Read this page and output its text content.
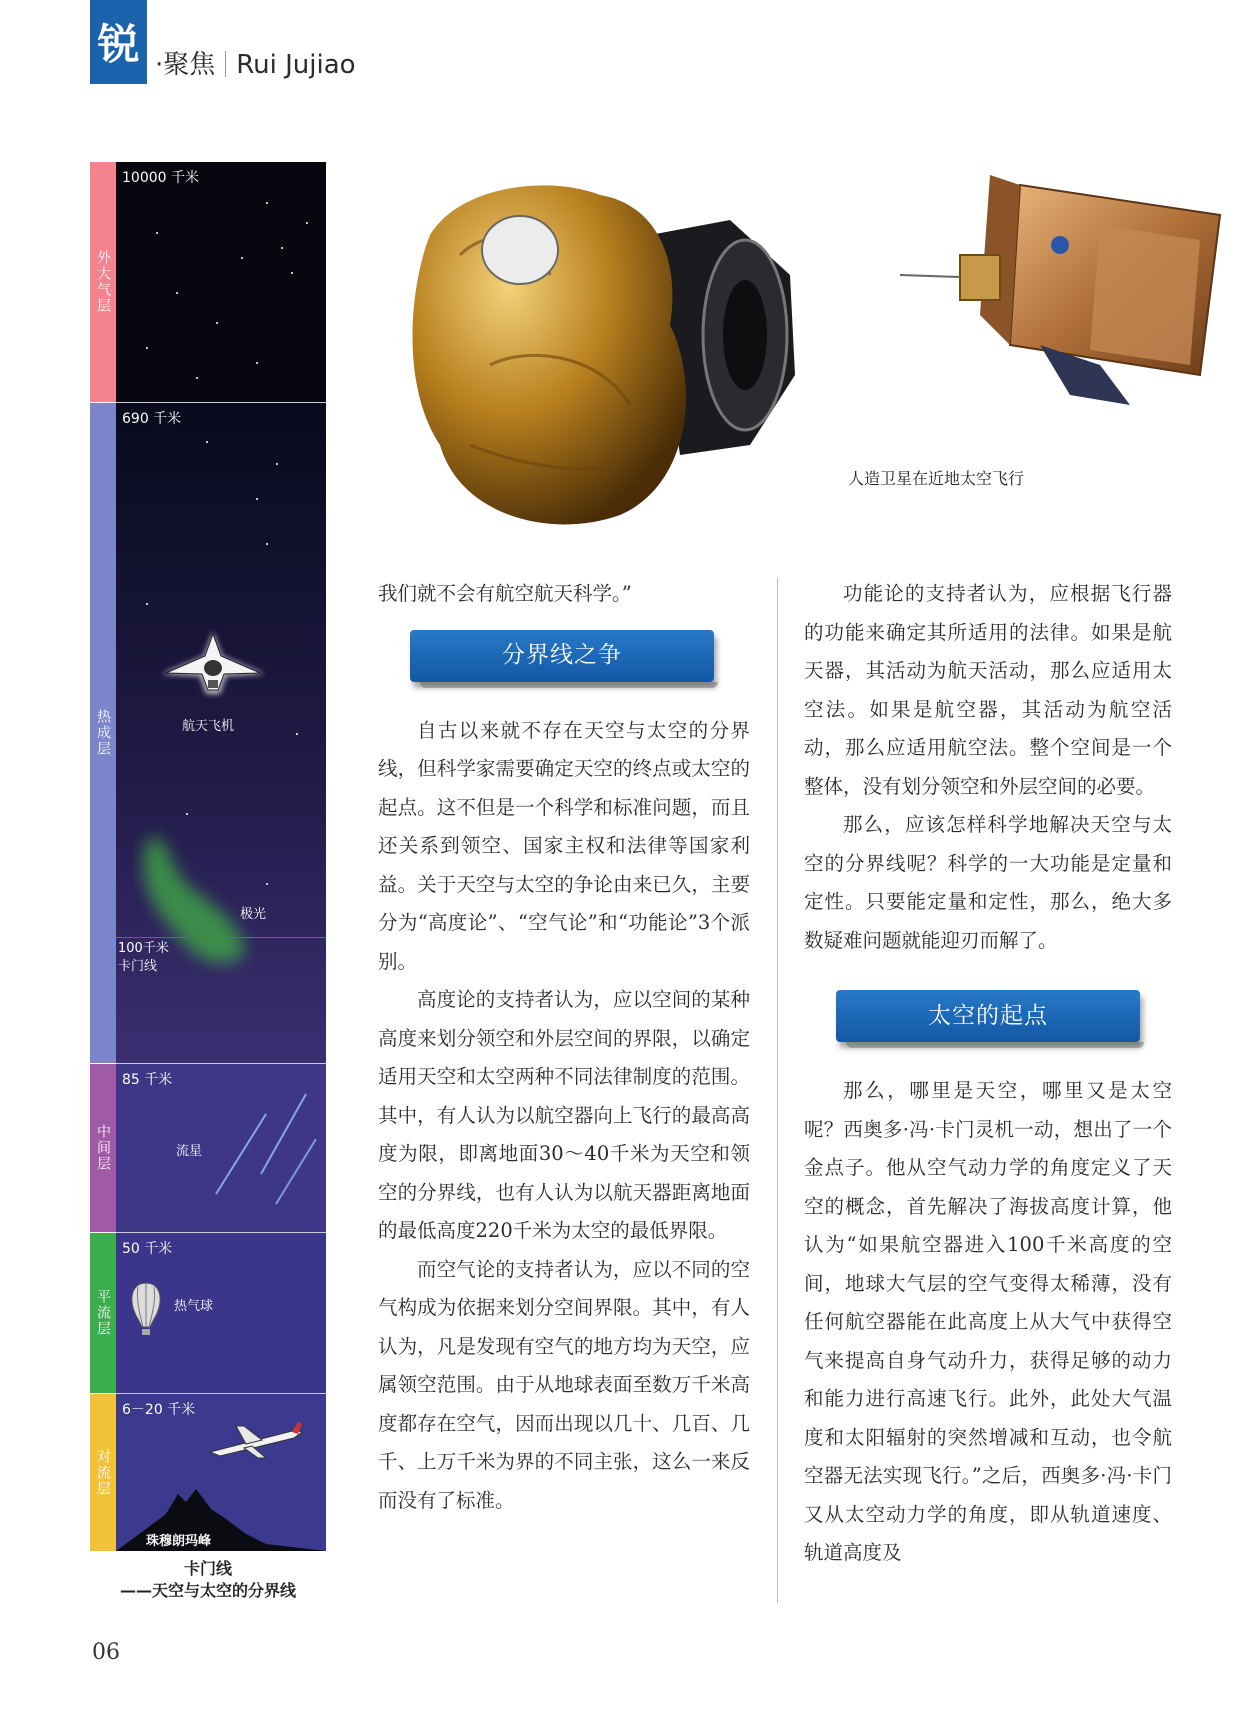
锐 ·聚焦 Rui Jujiao
外大气层
10000 千米
热成层	航天飞机
极光
100千米
卡门线
690 千米
中间层	流星
85 千米
平流层	热气球
50 千米
对流层
珠穆朗玛峰
6－20 千米
卡门线
——天空与太空的分界线
人造卫星在近地太空飞行

我们就不会有航空航天科学。”

分界线之争

自古以来就不存在天空与太空的分界线，但科学家需要确定天空的终点或太空的起点。这不但是一个科学和标准问题，而且还关系到领空、国家主权和法律等国家利益。关于天空与太空的争论由来已久，主要分为“高度论”、“空气论”和“功能论”3个派别。

高度论的支持者认为，应以空间的某种高度来划分领空和外层空间的界限，以确定适用天空和太空两种不同法律制度的范围。其中，有人认为以航空器向上飞行的最高高度为限，即离地面30～40千米为天空和领空的分界线，也有人认为以航天器距离地面的最低高度220千米为太空的最低界限。

而空气论的支持者认为，应以不同的空气构成为依据来划分空间界限。其中，有人认为，凡是发现有空气的地方均为天空，应属领空范围。由于从地球表面至数万千米高度都存在空气，因而出现以几十、几百、几千、上万千米为界的不同主张，这么一来反而没有了标准。

功能论的支持者认为，应根据飞行器的功能来确定其所适用的法律。如果是航天器，其活动为航天活动，那么应适用太空法。如果是航空器，其活动为航空活动，那么应适用航空法。整个空间是一个整体，没有划分领空和外层空间的必要。

那么，应该怎样科学地解决天空与太空的分界线呢？科学的一大功能是定量和定性。只要能定量和定性，那么，绝大多数疑难问题就能迎刃而解了。

太空的起点

那么，哪里是天空，哪里又是太空呢？西奥多·冯·卡门灵机一动，想出了一个金点子。他从空气动力学的角度定义了天空的概念，首先解决了海拔高度计算，他认为“如果航空器进入100千米高度的空间，地球大气层的空气变得太稀薄，没有任何航空器能在此高度上从大气中获得空气来提高自身气动升力，获得足够的动力和能力进行高速飞行。此外，此处大气温度和太阳辐射的突然增减和互动，也令航空器无法实现飞行。”之后，西奥多·冯·卡门又从太空动力学的角度，即从轨道速度、轨道高度及

06
